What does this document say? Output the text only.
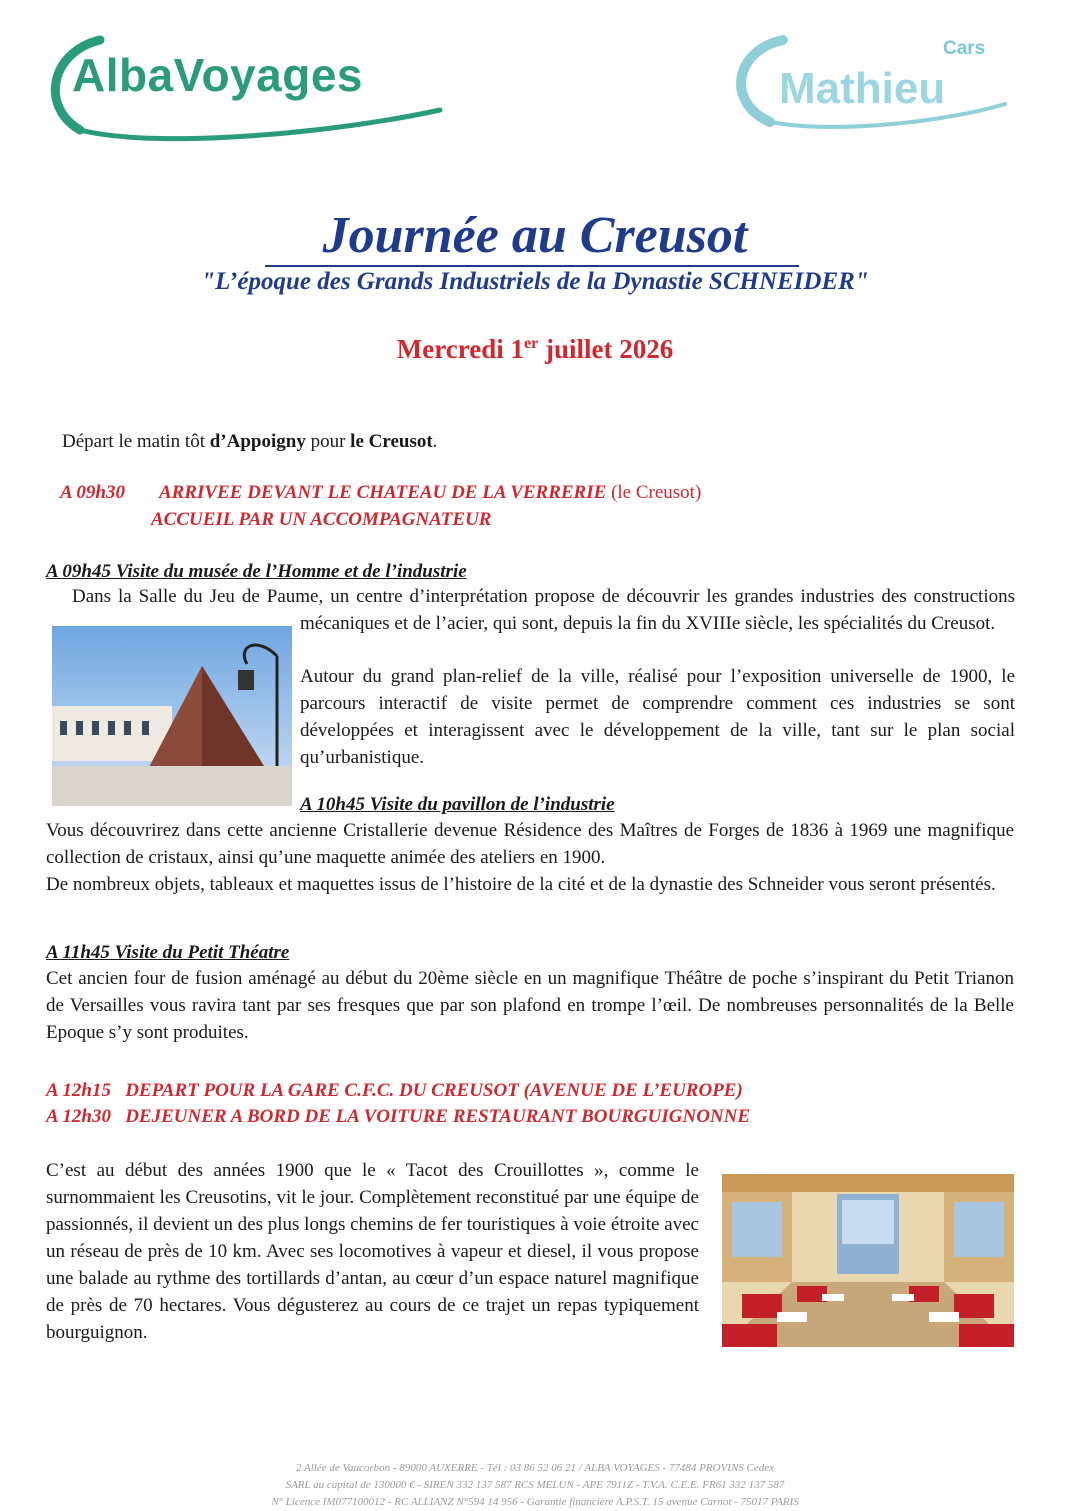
AlbaVoyages
Cars
Mathieu
Journée au Creusot
"L’époque des Grands Industriels de la Dynastie SCHNEIDER"
Mercredi 1er juillet 2026
Départ le matin tôt d’Appoigny pour le Creusot.
A 09h30 ARRIVEE DEVANT LE CHATEAU DE LA VERRERIE (le Creusot)
ACCUEIL PAR UN ACCOMPAGNATEUR
A 09h45 Visite du musée de l’Homme et de l’industrie
Dans la Salle du Jeu de Paume, un centre d’interprétation propose de découvrir les grandes industries des constructions mécaniques et de l’acier, qui sont, depuis la fin du XVIIIe siècle, les spécialités du Creusot.
Autour du grand plan-relief de la ville, réalisé pour l’exposition universelle de 1900, le parcours interactif de visite permet de comprendre comment ces industries se sont développées et interagissent avec le développement de la ville, tant sur le plan social qu’urbanistique.
A 10h45 Visite du pavillon de l’industrie
Vous découvrirez dans cette ancienne Cristallerie devenue Résidence des Maîtres de Forges de 1836 à 1969 une magnifique collection de cristaux, ainsi qu’une maquette animée des ateliers en 1900.
De nombreux objets, tableaux et maquettes issus de l’histoire de la cité et de la dynastie des Schneider vous seront présentés.
A 11h45 Visite du Petit Théatre
Cet ancien four de fusion aménagé au début du 20ème siècle en un magnifique Théâtre de poche s’inspirant du Petit Trianon de Versailles vous ravira tant par ses fresques que par son plafond en trompe l’œil. De nombreuses personnalités de la Belle Epoque s’y sont produites.
A 12h15   DEPART POUR LA GARE C.F.C. DU CREUSOT (AVENUE DE L’EUROPE)
A 12h30   DEJEUNER A BORD DE LA VOITURE RESTAURANT BOURGUIGNONNE
C’est au début des années 1900 que le « Tacot des Crouillottes », comme le surnommaient les Creusotins, vit le jour. Complètement reconstitué par une équipe de passionnés, il devient un des plus longs chemins de fer touristiques à voie étroite avec un réseau de près de 10 km. Avec ses locomotives à vapeur et diesel, il vous propose une balade au rythme des tortillards d’antan, au cœur d’un espace naturel magnifique de près de 70 hectares. Vous dégusterez au cours de ce trajet un repas typiquement bourguignon.
2 Allée de Vaucorbon - 89000 AUXERRE - Tél : 03 86 52 06 21 / ALBA VOYAGES - 77484 PROVINS Cedex
SARL au capital de 130000 € - SIREN 332 137 587 RCS MELUN - APE 7911Z - T.V.A. C.E.E. FR61 332 137 587
N° Licence IM077100012 - RC ALLIANZ N°594 14 956 - Garantie financière A.P.S.T. 15 avenue Carnot - 75017 PARIS
